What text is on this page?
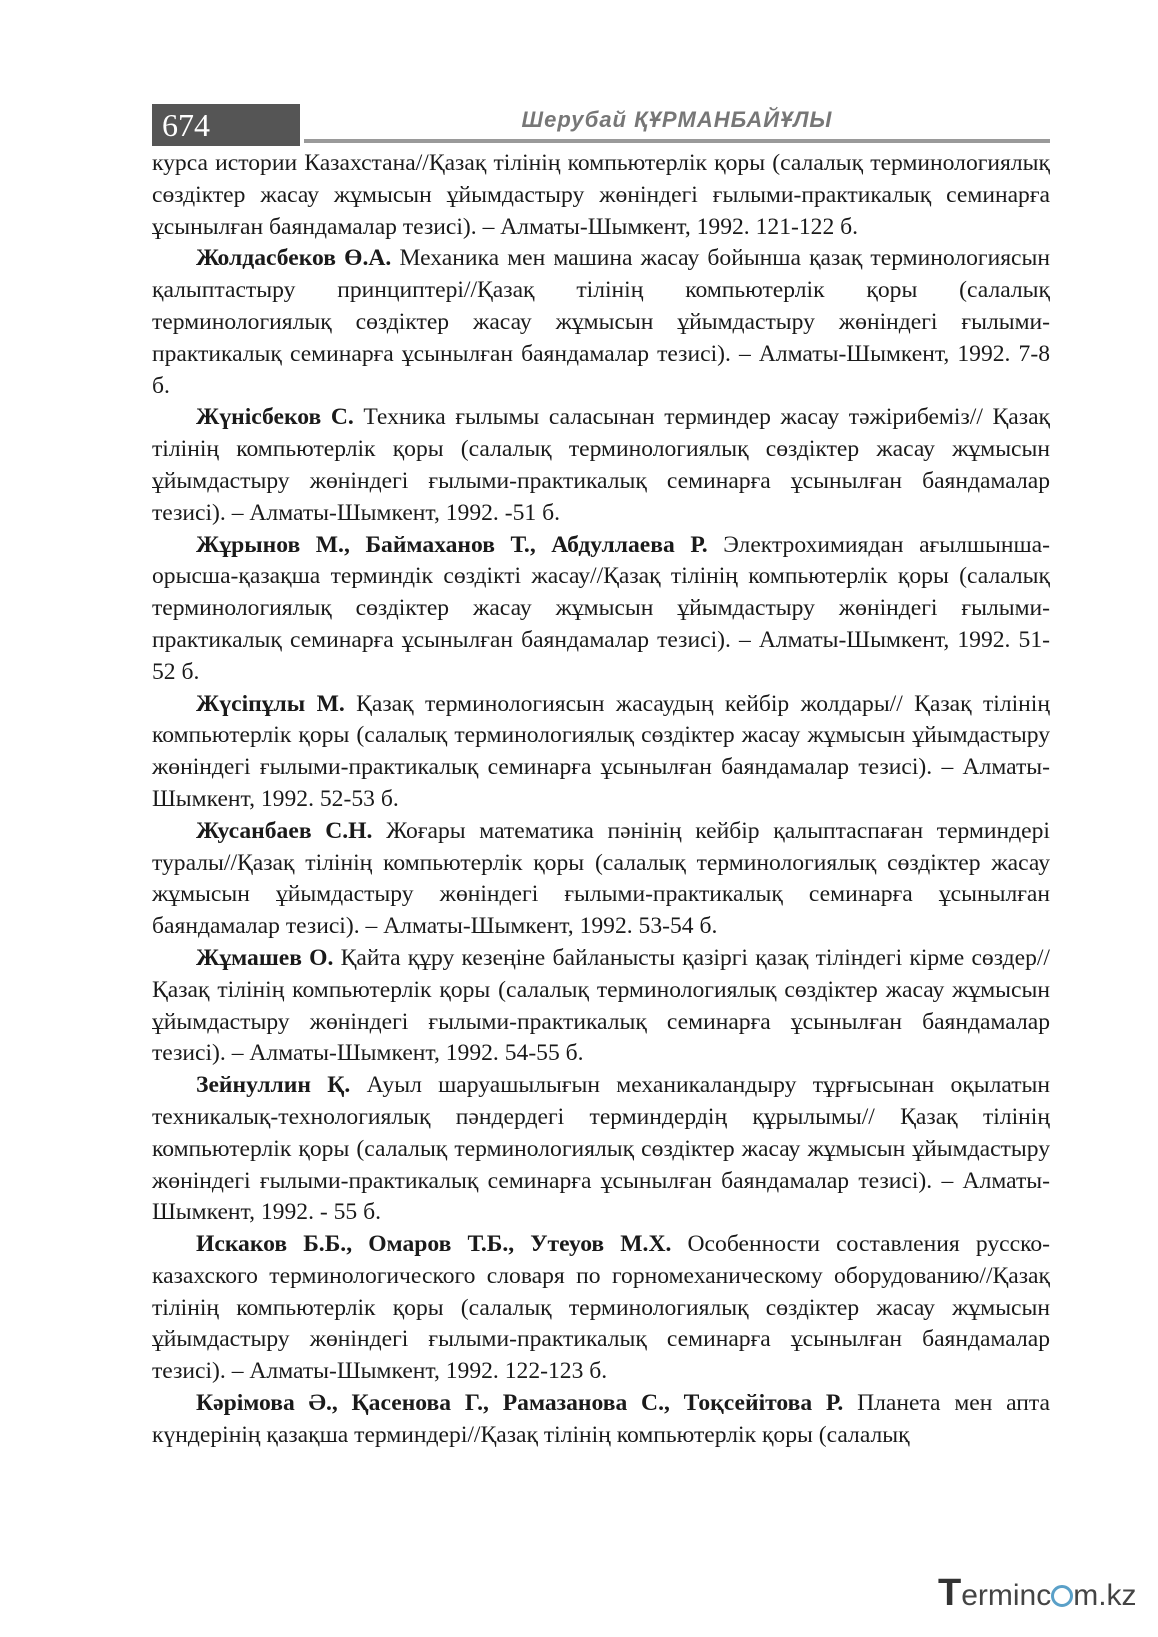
674	Шерубай ҚҰРМАНБАЙҰЛЫ

курса истории Казахстана//Қазақ тілінің компьютерлік қоры (салалық терминологиялық сөздіктер жасау жұмысын ұйымдастыру жөніндегі ғылыми-практикалық семинарға ұсынылған баяндамалар тезисі). – Алматы-Шымкент, 1992. 121-122 б.

Жолдасбеков Ө.А. Механика мен машина жасау бойынша қазақ терминологиясын қалыптастыру принциптері//Қазақ тілінің компьютерлік қоры (салалық терминологиялық сөздіктер жасау жұмысын ұйымдастыру жөніндегі ғылыми-практикалық семинарға ұсынылған баяндамалар тезисі). – Алматы-Шымкент, 1992. 7-8 б.

Жүнісбеков С. Техника ғылымы саласынан терминдер жасау тәжірибеміз// Қазақ тілінің компьютерлік қоры (салалық терминологиялық сөздіктер жасау жұмысын ұйымдастыру жөніндегі ғылыми-практикалық семинарға ұсынылған баяндамалар тезисі). – Алматы-Шымкент, 1992. -51 б.

Жұрынов М., Баймаханов Т., Абдуллаева Р. Электрохимиядан ағылшынша-орысша-қазақша терминдік сөздікті жасау//Қазақ тілінің компьютерлік қоры (салалық терминологиялық сөздіктер жасау жұмысын ұйымдастыру жөніндегі ғылыми-практикалық семинарға ұсынылған баяндамалар тезисі). – Алматы-Шымкент, 1992. 51-52 б.

Жүсіпұлы М. Қазақ терминологиясын жасаудың кейбір жолдары// Қазақ тілінің компьютерлік қоры (салалық терминологиялық сөздіктер жасау жұмысын ұйымдастыру жөніндегі ғылыми-практикалық семинарға ұсынылған баяндамалар тезисі). – Алматы-Шымкент, 1992. 52-53 б.

Жусанбаев С.Н. Жоғары математика пәнінің кейбір қалыптаспаған терминдері туралы//Қазақ тілінің компьютерлік қоры (салалық терминологиялық сөздіктер жасау жұмысын ұйымдастыру жөніндегі ғылыми-практикалық семинарға ұсынылған баяндамалар тезисі). – Алматы-Шымкент, 1992. 53-54 б.

Жұмашев О. Қайта құру кезеңіне байланысты қазіргі қазақ тіліндегі кірме сөздер//Қазақ тілінің компьютерлік қоры (салалық терминологиялық сөздіктер жасау жұмысын ұйымдастыру жөніндегі ғылыми-практикалық семинарға ұсынылған баяндамалар тезисі). – Алматы-Шымкент, 1992. 54-55 б.

Зейнуллин Қ. Ауыл шаруашылығын механикаландыру тұрғысынан оқылатын техникалық-технологиялық пәндердегі терминдердің құрылымы// Қазақ тілінің компьютерлік қоры (салалық терминологиялық сөздіктер жасау жұмысын ұйымдастыру жөніндегі ғылыми-практикалық семинарға ұсынылған баяндамалар тезисі). – Алматы-Шымкент, 1992. - 55 б.

Искаков Б.Б., Омаров Т.Б., Утеуов М.Х. Особенности составления русско-казахского терминологического словаря по горномеханическому оборудованию//Қазақ тілінің компьютерлік қоры (салалық терминологиялық сөздіктер жасау жұмысын ұйымдастыру жөніндегі ғылыми-практикалық семинарға ұсынылған баяндамалар тезисі). – Алматы-Шымкент, 1992. 122-123 б.

Кәрімова Ә., Қасенова Г., Рамазанова С., Тоқсейітова Р. Планета мен апта күндерінің қазақша терминдері//Қазақ тілінің компьютерлік қоры (салалық

Terminc m.kz
